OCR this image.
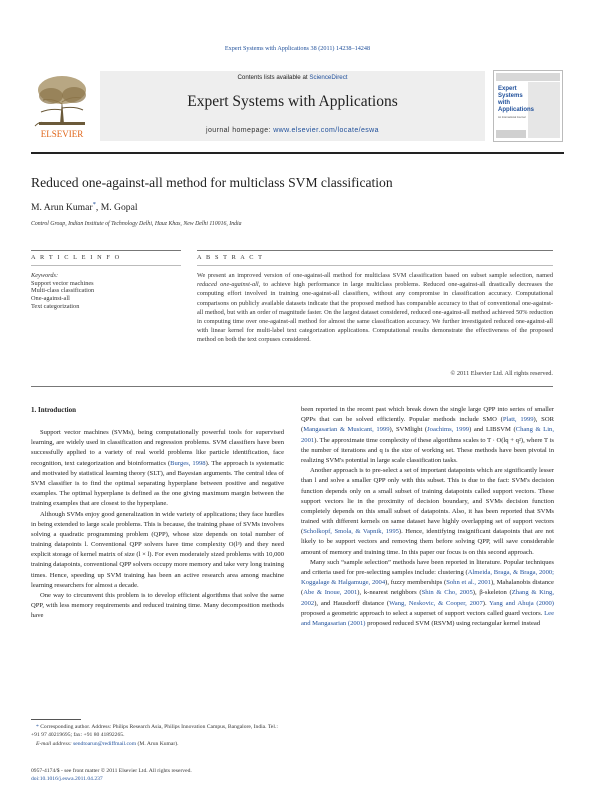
Expert Systems with Applications 38 (2011) 14238–14248
ELSEVIER
Contents lists available at ScienceDirect
Expert Systems with Applications
journal homepage: www.elsevier.com/locate/eswa
Expert
Systems
with
Applications
An International Journal
Reduced one-against-all method for multiclass SVM classification
M. Arun Kumar*, M. Gopal
Control Group, Indian Institute of Technology Delhi, Hauz Khas, New Delhi 110016, India
A R T I C L E I N F O	A B S T R A C T
Keywords:
Support vector machines
Multi-class classification
One-against-all
Text categorization
We present an improved version of one-against-all method for multiclass SVM classification based on subset sample selection, named reduced one-against-all, to achieve high performance in large multiclass problems. Reduced one-against-all drastically decreases the computing effort involved in training one-against-all classifiers, without any compromise in classification accuracy. Computational comparisons on publicly available datasets indicate that the proposed method has comparable accuracy to that of conventional one-against-all method, but with an order of magnitude faster. On the largest dataset considered, reduced one-against-all method achieved 50% reduction in computing time over one-against-all method for almost the same classification accuracy. We further investigated reduced one-against-all with linear kernel for multi-label text categorization applications. Computational results demonstrate the effectiveness of the proposed method on both the text corpuses considered.
© 2011 Elsevier Ltd. All rights reserved.
1. Introduction

Support vector machines (SVMs), being computationally powerful tools for supervised learning, are widely used in classification and regression problems. SVM classifiers have been successfully applied to a variety of real world problems like particle identification, face recognition, text categorization and bioinformatics (Burges, 1998). The approach is systematic and motivated by statistical learning theory (SLT), and Bayesian arguments. The central idea of SVM classifier is to find the optimal separating hyperplane between positive and negative examples. The optimal hyperplane is defined as the one giving maximum margin between the training examples that are closest to the hyperplane.

Although SVMs enjoy good generalization in wide variety of applications; they face hurdles in being extended to large scale problems. This is because, the training phase of SVMs involves solving a quadratic programming problem (QPP), whose size depends on total number of training datapoints l. Conventional QPP solvers have time complexity O(l³) and they need explicit storage of kernel matrix of size (l × l). For even moderately sized problems with 10,000 training datapoints, conventional QPP solvers occupy more memory and take very long training times. Hence, speeding up SVM training has been an active research area among machine learning researchers for almost a decade.

One way to circumvent this problem is to develop efficient algorithms that solve the same QPP, with less memory requirements and reduced training time. Many decomposition methods have

been reported in the recent past which break down the single large QPP into series of smaller QPPs that can be solved efficiently. Popular methods include SMO (Platt, 1999), SOR (Mangasarian & Musicant, 1999), SVMlight (Joachims, 1999) and LIBSVM (Chang & Lin, 2001). The approximate time complexity of these algorithms scales to T · O(lq + q²), where T is the number of iterations and q is the size of working set. These methods have been pivotal in realizing SVM's potential in large scale classification tasks.

Another approach is to pre-select a set of important datapoints which are significantly lesser than l and solve a smaller QPP only with this subset. This is due to the fact: SVM's decision function depends only on a small subset of training datapoints called support vectors. These support vectors lie in the proximity of decision boundary, and SVMs decision function completely depends on this small subset of datapoints. Also, it has been reported that SVMs trained with different kernels on same dataset have highly overlapping set of support vectors (Scholkopf, Smola, & Vapnik, 1995). Hence, identifying insignificant datapoints that are not likely to be support vectors and removing them before solving QPP, will save considerable amount of memory and training time. In this paper our focus is on this second approach.

Many such “sample selection” methods have been reported in literature. Popular techniques and criteria used for pre-selecting samples include: clustering (Almeida, Braga, & Braga, 2000; Koggalage & Halgamuge, 2004), fuzzy memberships (Sohn et al., 2001), Mahalanobis distance (Abe & Inoue, 2001), k-nearest neighbors (Shin & Cho, 2005), β-skeleton (Zhang & King, 2002), and Hausdorff distance (Wang, Neskovic, & Cooper, 2007). Yang and Ahuja (2000) proposed a geometric approach to select a superset of support vectors called guard vectors. Lee and Mangasarian (2001) proposed reduced SVM (RSVM) using rectangular kernel instead

* Corresponding author. Address: Philips Research Asia, Philips Innovation Campus, Bangalore, India. Tel.: +91 97 40219695; fax: +91 80 41892265.

E-mail address: sendtoarun@rediffmail.com (M. Arun Kumar).

0957-4174/$ - see front matter © 2011 Elsevier Ltd. All rights reserved.
doi:10.1016/j.eswa.2011.04.237
